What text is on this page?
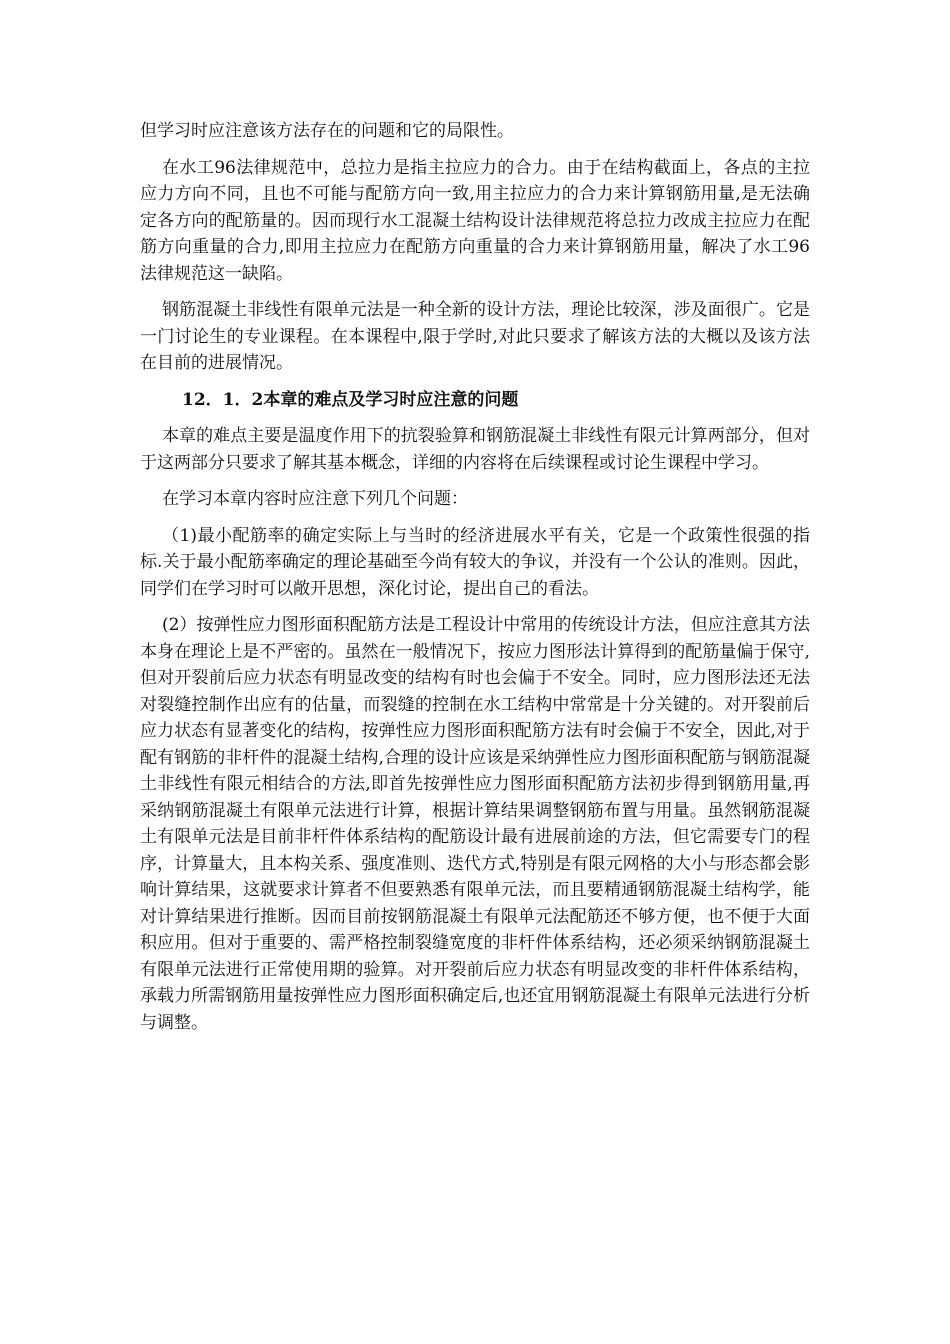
但学习时应注意该方法存在的问题和它的局限性。

在水工96法律规范中，总拉力是指主拉应力的合力。由于在结构截面上，各点的主拉应力方向不同，且也不可能与配筋方向一致,用主拉应力的合力来计算钢筋用量,是无法确定各方向的配筋量的。因而现行水工混凝土结构设计法律规范将总拉力改成主拉应力在配筋方向重量的合力,即用主拉应力在配筋方向重量的合力来计算钢筋用量，解决了水工96法律规范这一缺陷。

钢筋混凝土非线性有限单元法是一种全新的设计方法，理论比较深，涉及面很广。它是一门讨论生的专业课程。在本课程中,限于学时,对此只要求了解该方法的大概以及该方法在目前的进展情况。

12．1．2本章的难点及学习时应注意的问题

本章的难点主要是温度作用下的抗裂验算和钢筋混凝土非线性有限元计算两部分，但对于这两部分只要求了解其基本概念，详细的内容将在后续课程或讨论生课程中学习。

在学习本章内容时应注意下列几个问题：

（1)最小配筋率的确定实际上与当时的经济进展水平有关，它是一个政策性很强的指标.关于最小配筋率确定的理论基础至今尚有较大的争议，并没有一个公认的准则。因此，同学们在学习时可以敞开思想，深化讨论，提出自己的看法。

(2）按弹性应力图形面积配筋方法是工程设计中常用的传统设计方法，但应注意其方法本身在理论上是不严密的。虽然在一般情况下，按应力图形法计算得到的配筋量偏于保守,但对开裂前后应力状态有明显改变的结构有时也会偏于不安全。同时，应力图形法还无法对裂缝控制作出应有的估量，而裂缝的控制在水工结构中常常是十分关键的。对开裂前后应力状态有显著变化的结构，按弹性应力图形面积配筋方法有时会偏于不安全，因此,对于配有钢筋的非杆件的混凝土结构,合理的设计应该是采纳弹性应力图形面积配筋与钢筋混凝土非线性有限元相结合的方法,即首先按弹性应力图形面积配筋方法初步得到钢筋用量,再采纳钢筋混凝土有限单元法进行计算，根据计算结果调整钢筋布置与用量。虽然钢筋混凝土有限单元法是目前非杆件体系结构的配筋设计最有进展前途的方法，但它需要专门的程序，计算量大，且本构关系、强度准则、迭代方式,特别是有限元网格的大小与形态都会影响计算结果，这就要求计算者不但要熟悉有限单元法，而且要精通钢筋混凝土结构学，能对计算结果进行推断。因而目前按钢筋混凝土有限单元法配筋还不够方便，也不便于大面积应用。但对于重要的、需严格控制裂缝宽度的非杆件体系结构，还必须采纳钢筋混凝土有限单元法进行正常使用期的验算。对开裂前后应力状态有明显改变的非杆件体系结构，承载力所需钢筋用量按弹性应力图形面积确定后,也还宜用钢筋混凝土有限单元法进行分析与调整。
